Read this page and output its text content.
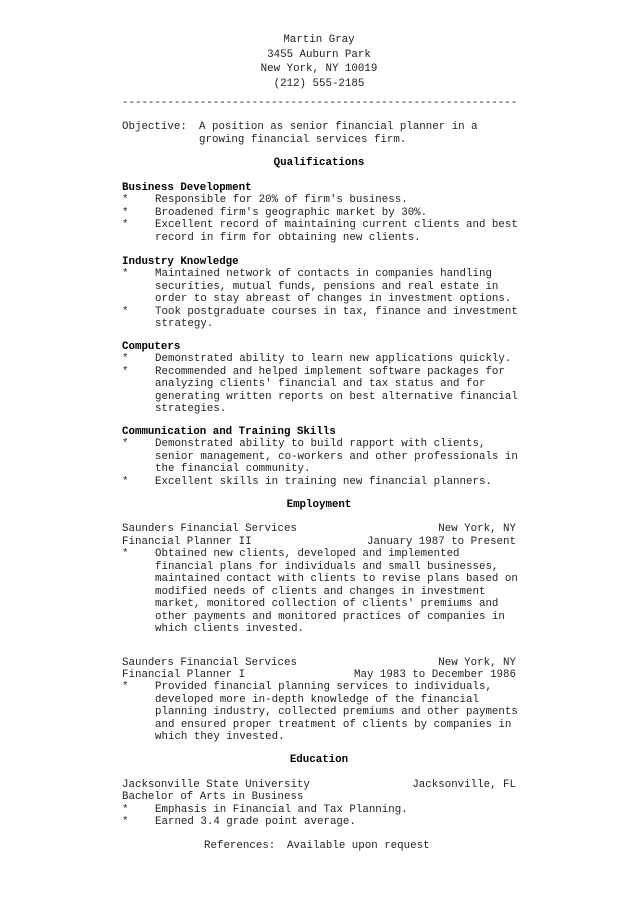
Martin Gray
3455 Auburn Park
New York, NY 10019
(212) 555-2185
-------------------------------------------------------------
Objective: A position as senior financial planner in a
growing financial services firm.
Qualifications
Business Development
* Responsible for 20% of firm's business.
* Broadened firm's geographic market by 30%.
* Excellent record of maintaining current clients and best
record in firm for obtaining new clients.
Industry Knowledge
* Maintained network of contacts in companies handling
securities, mutual funds, pensions and real estate in
order to stay abreast of changes in investment options.
* Took postgraduate courses in tax, finance and investment
strategy.
Computers
* Demonstrated ability to learn new applications quickly.
* Recommended and helped implement software packages for
analyzing clients' financial and tax status and for
generating written reports on best alternative financial
strategies.
Communication and Training Skills
* Demonstrated ability to build rapport with clients,
senior management, co-workers and other professionals in
the financial community.
* Excellent skills in training new financial planners.
Employment
Saunders Financial Services	New York, NY
Financial Planner II	January 1987 to Present
* Obtained new clients, developed and implemented
financial plans for individuals and small businesses,
maintained contact with clients to revise plans based on
modified needs of clients and changes in investment
market, monitored collection of clients' premiums and
other payments and monitored practices of companies in
which clients invested.
Saunders Financial Services	New York, NY
Financial Planner I	May 1983 to December 1986
* Provided financial planning services to individuals,
developed more in-depth knowledge of the financial
planning industry, collected premiums and other payments
and ensured proper treatment of clients by companies in
which they invested.
Education
Jacksonville State University	Jacksonville, FL
Bachelor of Arts in Business
* Emphasis in Financial and Tax Planning.
* Earned 3.4 grade point average.
References: Available upon request
